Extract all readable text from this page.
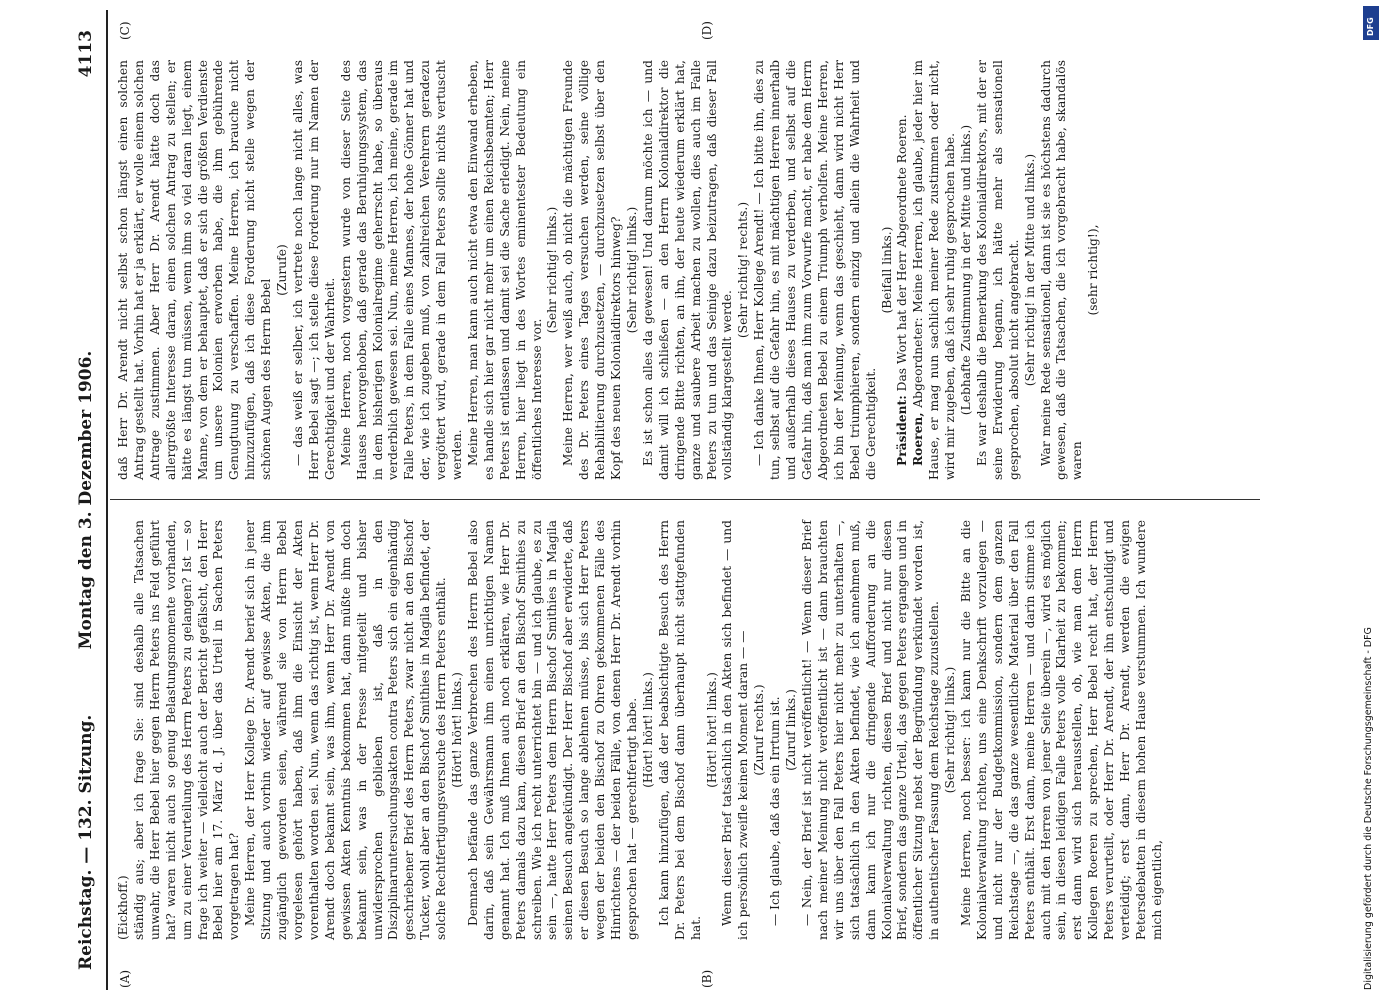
Reichstag. — 132. Sitzung.
Montag den 3. Dezember 1906.
4113
(A)	(B)
(C)	(D)

(Eickhoff.) ständig aus; aber ich frage Sie: sind deshalb alle Tatsachen unwahr, die Herr Bebel hier gegen Herrn Peters ins Feld geführt hat? waren nicht auch so genug Belastungsmomente vorhanden, um zu einer Verurteilung des Herrn Peters zu gelangen? Ist — so frage ich weiter — vielleicht auch der Bericht gefälscht, den Herr Bebel hier am 17. März d. J. über das Urteil in Sachen Peters vorgetragen hat? Meine Herren, der Herr Kollege Dr. Arendt berief sich in jener Sitzung und auch vorhin wieder auf gewisse Akten, die ihm zugänglich geworden seien, während sie von Herrn Bebel vorgelesen gehört haben, daß ihm die Einsicht der Akten vorenthalten worden sei. Nun, wenn das richtig ist, wenn Herr Dr. Arendt doch bekannt sein, was ihm, wenn Herr Dr. Arendt von gewissen Akten Kenntnis bekommen hat, dann müßte ihm doch bekannt sein, was in der Presse mitgeteilt und bisher unwidersprochen geblieben ist, daß in den Disziplinaruntersuchungsakten contra Peters sich ein eigenhändig geschriebener Brief des Herrn Peters, zwar nicht an den Bischof Tucker, wohl aber an den Bischof Smithies in Magila befindet, der solche Rechtfertigungsversuche des Herrn Peters enthält. (Hört! hört! links.) Demnach befände das ganze Verbrechen des Herrn Bebel also darin, daß sein Gewährsmann ihm einen unrichtigen Namen genannt hat. Ich muß Ihnen auch noch erklären, wie Herr Dr. Peters damals dazu kam, diesen Brief an den Bischof Smithies zu schreiben. Wie ich recht unterrichtet bin — und ich glaube, es zu sein —, hatte Herr Peters dem Herrn Bischof Smithies in Magila seinen Besuch angekündigt. Der Herr Bischof aber erwiderte, daß er diesen Besuch so lange ablehnen müsse, bis sich Herr Peters wegen der beiden den Bischof zu Ohren gekommenen Fälle des Hinrichtens — der beiden Fälle, von denen Herr Dr. Arendt vorhin gesprochen hat — gerechtfertigt habe. (Hört! hört! links.) Ich kann hinzufügen, daß der beabsichtigte Besuch des Herrn Dr. Peters bei dem Bischof dann überhaupt nicht stattgefunden hat.

(Hört! hört! links.) Wenn dieser Brief tatsächlich in den Akten sich befindet — und ich persönlich zweifle keinen Moment daran — — (Zuruf rechts.) — Ich glaube, daß das ein Irrtum ist. (Zuruf links.) — Nein, der Brief ist nicht veröffentlicht! — Wenn dieser Brief nach meiner Meinung nicht veröffentlicht ist — dann brauchten wir uns über den Fall Peters hier nicht mehr zu unterhalten —, sich tatsächlich in den Akten befindet, wie ich annehmen muß, dann kann ich nur die dringende Aufforderung an die Kolonialverwaltung richten, diesen Brief und nicht nur diesen Brief, sondern das ganze Urteil, das gegen Peters ergangen und in öffentlicher Sitzung nebst der Begründung verkündet worden ist, in authentischer Fassung dem Reichstage zuzustellen. (Sehr richtig! links.) Meine Herren, noch besser: ich kann nur die Bitte an die Kolonialverwaltung richten, uns eine Denkschrift vorzulegen — und nicht nur der Budgetkommission, sondern dem ganzen Reichstage —, die das ganze wesentliche Material über den Fall Peters enthält. Erst dann, meine Herren — und darin stimme ich auch mit den Herren von jener Seite überein —, wird es möglich sein, in diesen leidigen Falle Peters volle Klarheit zu bekommen; erst dann wird sich herausstellen, ob, wie man dem Herrn Kollegen Roeren zu sprechen, Herr Bebel recht hat, der Herrn Peters verurteilt, oder Herr Dr. Arendt, der ihn entschuldigt und verteidigt; erst dann, Herr Dr. Arendt, werden die ewigen Petersdebatten in diesem hohen Hause verstummen. Ich wundere mich eigentlich,

daß Herr Dr. Arendt nicht selbst schon längst einen solchen Antrag gestellt hat. Vorhin hat er ja erklärt, er wolle einem solchen Antrage zustimmen. Aber Herr Dr. Arendt hätte doch das allergrößte Interesse daran, einen solchen Antrag zu stellen; er hätte es längst tun müssen, wenn ihm so viel daran liegt, einem Manne, von dem er behauptet, daß er sich die größten Verdienste um unsere Kolonien erworben habe, die ihm gebührende Genugtuung zu verschaffen. Meine Herren, ich brauche nicht hinzuzufügen, daß ich diese Forderung nicht stelle wegen der schönen Augen des Herrn Bebel

(Zurufe) — das weiß er selber, ich vertrete noch lange nicht alles, was Herr Bebel sagt —; ich stelle diese Forderung nur im Namen der Gerechtigkeit und der Wahrheit. Meine Herren, noch vorgestern wurde von dieser Seite des Hauses hervorgehoben, daß gerade das Beruhigungssystem, das in dem bisherigen Kolonialregime geherrscht habe, so überaus verderblich gewesen sei. Nun, meine Herren, ich meine, gerade im Falle Peters, in dem Falle eines Mannes, der hohe Gönner hat und der, wie ich zugeben muß, von zahlreichen Verehrern geradezu vergöttert wird, gerade in dem Fall Peters sollte nichts vertuscht werden. Meine Herren, man kann auch nicht etwa den Einwand erheben, es handle sich hier gar nicht mehr um einen Reichsbeamten; Herr Peters ist entlassen und damit sei die Sache erledigt. Nein, meine Herren, hier liegt in des Wortes eminentester Bedeutung ein öffentliches Interesse vor.

(Sehr richtig! links.) Meine Herren, wer weiß auch, ob nicht die mächtigen Freunde des Dr. Peters eines Tages versuchen werden, seine völlige Rehabilitierung durchzusetzen, — durchzusetzen selbst über den Kopf des neuen Kolonialdirektors hinweg? (Sehr richtig! links.) Es ist schon alles da gewesen! Und darum möchte ich — und damit will ich schließen — an den Herrn Kolonialdirektor die dringende Bitte richten, an ihn, der heute wiederum erklärt hat, ganze und saubere Arbeit machen zu wollen, dies auch im Falle Peters zu tun und das Seinige dazu beizutragen, daß dieser Fall vollständig klargestellt werde.

(Sehr richtig! rechts.) — Ich danke Ihnen, Herr Kollege Arendt! — Ich bitte ihn, dies zu tun, selbst auf die Gefahr hin, es mit mächtigen Herren innerhalb und außerhalb dieses Hauses zu verderben, und selbst auf die Gefahr hin, daß man ihm zum Vorwurfe macht, er habe dem Herrn Abgeordneten Bebel zu einem Triumph verholfen. Meine Herren, ich bin der Meinung, wenn das geschieht, dann wird nicht Herr Bebel triumphieren, sondern einzig und allein die Wahrheit und die Gerechtigkeit.

(Beifall links.)

Präsident: Das Wort hat der Herr Abgeordnete Roeren.

Roeren, Abgeordneter: Meine Herren, ich glaube, jeder hier im Hause, er mag nun sachlich meiner Rede zustimmen oder nicht, wird mir zugeben, daß ich sehr ruhig gesprochen habe. (Lebhafte Zustimmung in der Mitte und links.) Es war deshalb die Bemerkung des Kolonialdirektors, mit der er seine Erwiderung begann, ich hätte mehr als sensationell gesprochen, absolut nicht angebracht. (Sehr richtig! in der Mitte und links.) War meine Rede sensationell, dann ist sie es höchstens dadurch gewesen, daß die Tatsachen, die ich vorgebracht habe, skandalös waren

(sehr richtig!),

DFG
Digitalisierung gefördert durch die Deutsche Forschungsgemeinschaft - DFG
